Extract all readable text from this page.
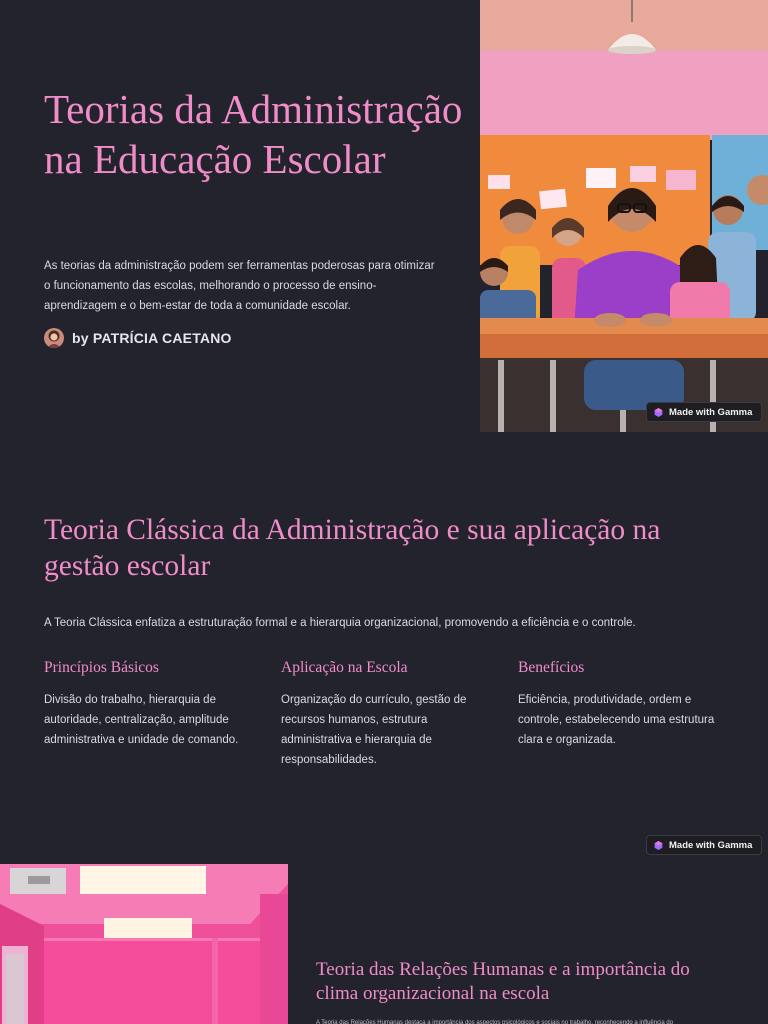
Teorias da Administração na Educação Escolar

As teorias da administração podem ser ferramentas poderosas para otimizar o funcionamento das escolas, melhorando o processo de ensino-aprendizagem e o bem-estar de toda a comunidade escolar.

by PATRÍCIA CAETANO
Made with Gamma
Teoria Clássica da Administração e sua aplicação na gestão escolar

A Teoria Clássica enfatiza a estruturação formal e a hierarquia organizacional, promovendo a eficiência e o controle.

Princípios Básicos
Divisão do trabalho, hierarquia de autoridade, centralização, amplitude administrativa e unidade de comando.
Aplicação na Escola
Organização do currículo, gestão de recursos humanos, estrutura administrativa e hierarquia de responsabilidades.
Benefícios
Eficiência, produtividade, ordem e controle, estabelecendo uma estrutura clara e organizada.
Made with Gamma
Teoria das Relações Humanas e a importância do clima organizacional na escola

A Teoria das Relações Humanas destaca a importância dos aspectos psicológicos e sociais no trabalho, reconhecendo a influência do
